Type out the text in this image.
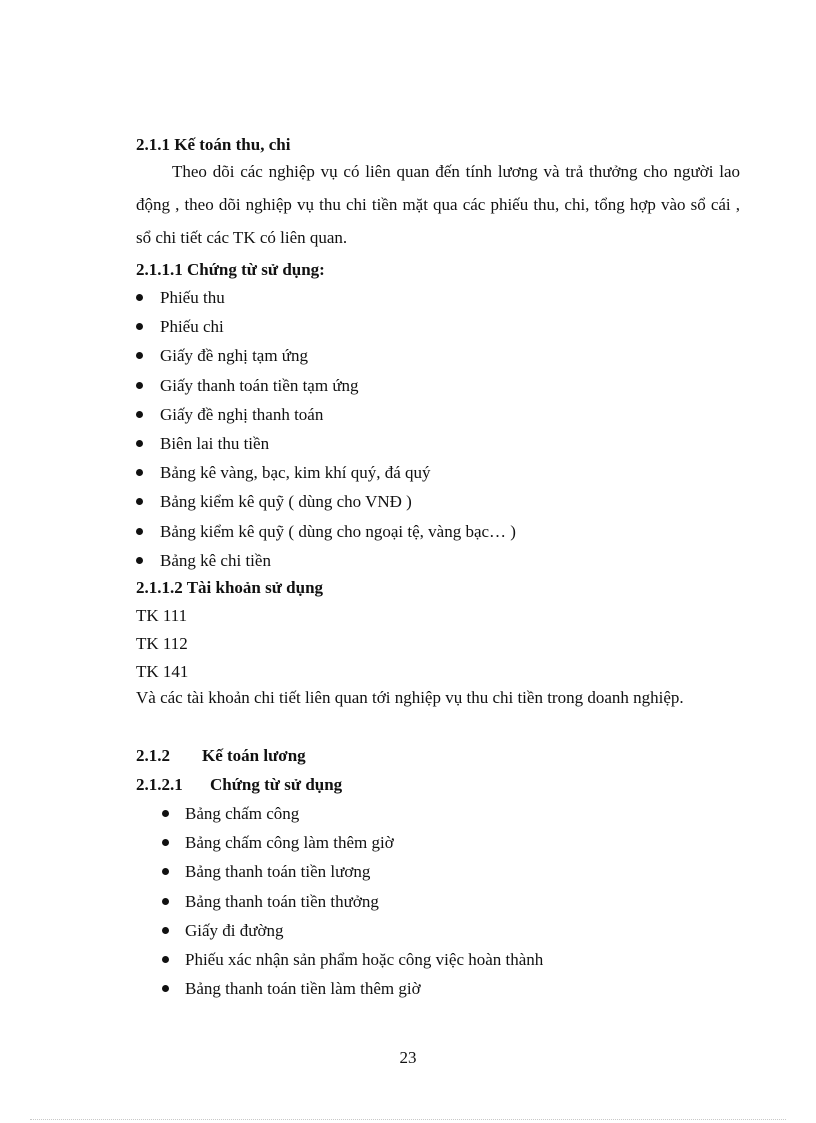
2.1.1 Kế toán thu, chi
Theo dõi các nghiệp vụ có liên quan đến tính lương và trả thưởng cho người lao động , theo dõi nghiệp vụ thu chi tiền mặt qua các phiếu thu, chi, tổng hợp vào sổ cái , sổ chi tiết các TK có liên quan.
2.1.1.1 Chứng từ sử dụng:
Phiếu thu
Phiếu chi
Giấy đề nghị tạm ứng
Giấy thanh toán tiền tạm ứng
Giấy đề nghị thanh toán
Biên lai thu tiền
Bảng kê vàng, bạc, kim khí quý, đá quý
Bảng kiểm kê quỹ ( dùng cho VNĐ )
Bảng kiểm kê quỹ ( dùng cho ngoại tệ, vàng bạc… )
Bảng kê chi tiền
2.1.1.2 Tài khoản sử dụng
TK 111
TK 112
TK 141
Và các tài khoản chi tiết liên quan tới nghiệp vụ thu chi tiền trong doanh nghiệp.
2.1.2 Kế toán lương
2.1.2.1 Chứng từ sử dụng
Bảng chấm công
Bảng chấm công làm thêm giờ
Bảng thanh toán tiền lương
Bảng thanh toán tiền thưởng
Giấy đi đường
Phiếu xác nhận sản phẩm hoặc công việc hoàn thành
Bảng thanh toán tiền làm thêm giờ
23
